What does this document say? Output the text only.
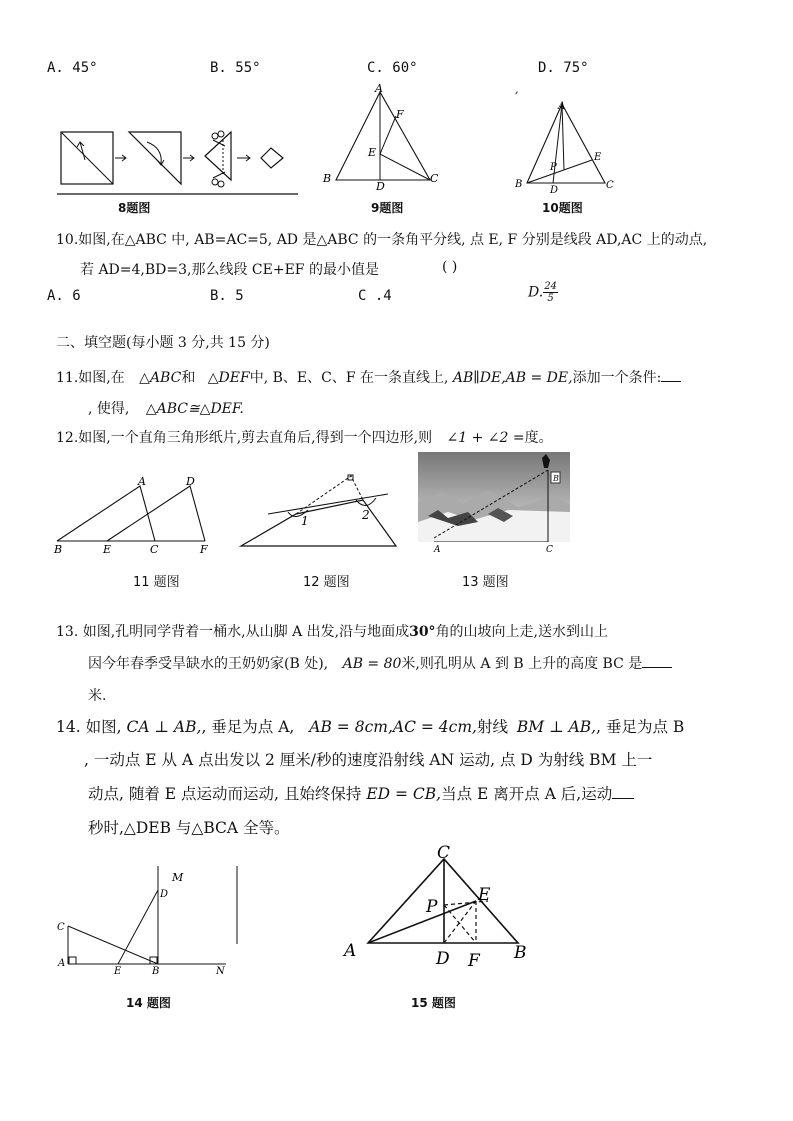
A. 45°	B. 55°	C. 60°	D. 75°
8题图
A
F
E
B	C
D
9题图
,
A
E
P
B
D	C
10题图
10.如图,在△ABC 中, AB=AC=5, AD 是△ABC 的一条角平分线, 点 E, F 分别是线段 AD,AC 上的动点,
若 AD=4,BD=3,那么线段 CE+EF 的最小值是	( )
A. 6	B. 5	C .4	D. $\frac{24}{5}$
二、填空题(每小题 3 分,共 15 分)
11.如图,在 △ABC和 △DEF中, B、E、C、F 在一条直线上, AB∥DE,AB = DE,添加一个条件:
, 使得, △ABC≅△DEF.
12.如图,一个直角三角形纸片,剪去直角后,得到一个四边形,则 ∠1 + ∠2 =度。
A	D
B	E	C	F
11 题图
1	2
12 题图
B
A	C
13 题图
13. 如图,孔明同学背着一桶水,从山脚 A 出发,沿与地面成30°角的山坡向上走,送水到山上
因今年春季受旱缺水的王奶奶家(B 处), AB = 80米,则孔明从 A 到 B 上升的高度 BC 是
米.
14. 如图, CA ⊥ AB,, 垂足为点 A, AB = 8cm,AC = 4cm,射线 BM ⊥ AB,, 垂足为点 B
, 一动点 E 从 A 点出发以 2 厘米/秒的速度沿射线 AN 运动, 点 D 为射线 BM 上一
动点, 随着 E 点运动而运动, 且始终保持 ED = CB,当点 E 离开点 A 后,运动
秒时,△DEB 与△BCA 全等。
C
A
E	B
D
M
N
14 题图
C
E
P
A	D F B
15 题图
